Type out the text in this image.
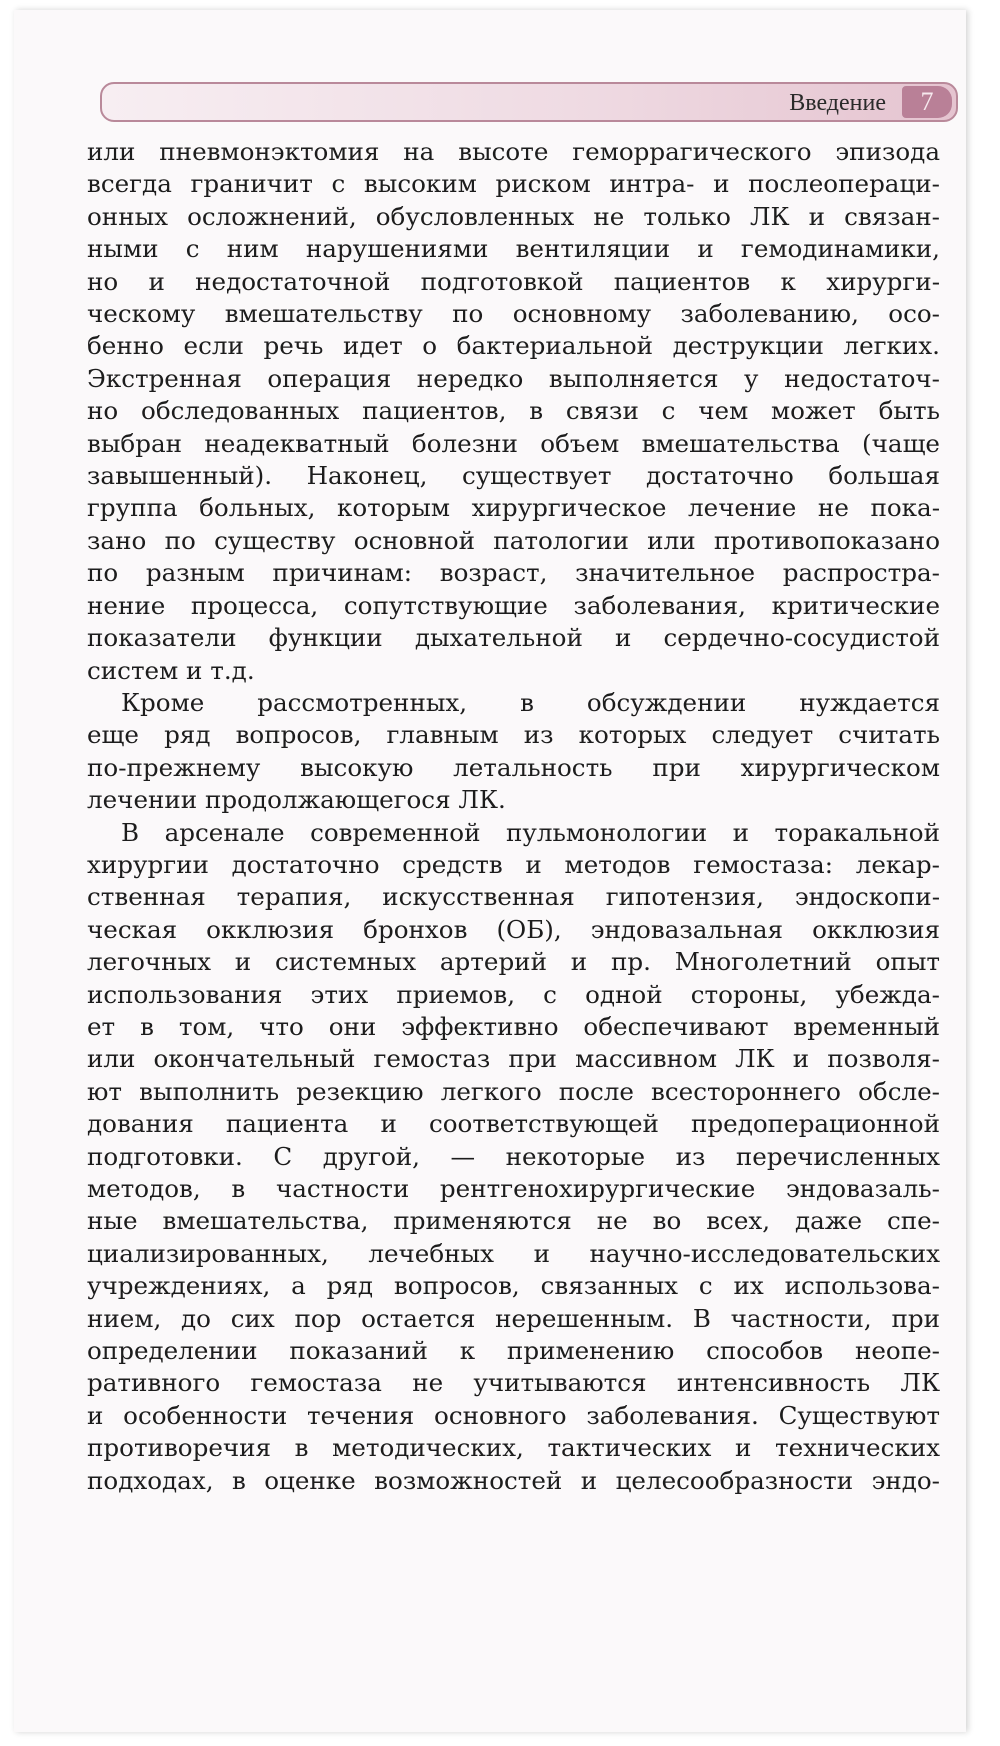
Введение	7
или пневмонэктомия на высоте геморрагического эпизода
всегда граничит с высоким риском интра- и послеопераци-
онных осложнений, обусловленных не только ЛК и связан-
ными с ним нарушениями вентиляции и гемодинамики,
но и недостаточной подготовкой пациентов к хирурги-
ческому вмешательству по основному заболеванию, осо-
бенно если речь идет о бактериальной деструкции легких.
Экстренная операция нередко выполняется у недостаточ-
но обследованных пациентов, в связи с чем может быть
выбран неадекватный болезни объем вмешательства (чаще
завышенный). Наконец, существует достаточно большая
группа больных, которым хирургическое лечение не пока-
зано по существу основной патологии или противопоказано
по разным причинам: возраст, значительное распростра-
нение процесса, сопутствующие заболевания, критические
показатели функции дыхательной и сердечно-сосудистой
систем и т.д.
Кроме рассмотренных, в обсуждении нуждается
еще ряд вопросов, главным из которых следует считать
по-прежнему высокую летальность при хирургическом
лечении продолжающегося ЛК.
В арсенале современной пульмонологии и торакальной
хирургии достаточно средств и методов гемостаза: лекар-
ственная терапия, искусственная гипотензия, эндоскопи-
ческая окклюзия бронхов (ОБ), эндовазальная окклюзия
легочных и системных артерий и пр. Многолетний опыт
использования этих приемов, с одной стороны, убежда-
ет в том, что они эффективно обеспечивают временный
или окончательный гемостаз при массивном ЛК и позволя-
ют выполнить резекцию легкого после всестороннего обсле-
дования пациента и соответствующей предоперационной
подготовки. С другой, — некоторые из перечисленных
методов, в частности рентгенохирургические эндовазаль-
ные вмешательства, применяются не во всех, даже спе-
циализированных, лечебных и научно-исследовательских
учреждениях, а ряд вопросов, связанных с их использова-
нием, до сих пор остается нерешенным. В частности, при
определении показаний к применению способов неопе-
ративного гемостаза не учитываются интенсивность ЛК
и особенности течения основного заболевания. Существуют
противоречия в методических, тактических и технических
подходах, в оценке возможностей и целесообразности эндо-
